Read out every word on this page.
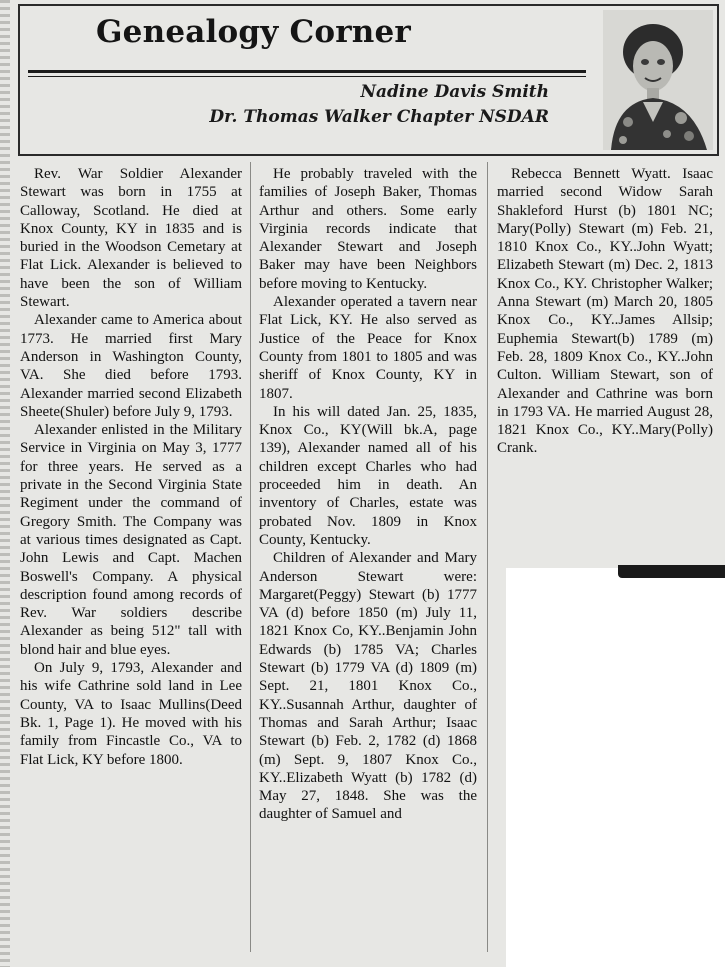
Genealogy Corner
Nadine Davis Smith
Dr. Thomas Walker Chapter NSDAR

Rev. War Soldier Alexander Stewart was born in 1755 at Calloway, Scotland. He died at Knox County, KY in 1835 and is buried in the Woodson Cemetary at Flat Lick. Alexander is believed to have been the son of William Stewart.

Alexander came to America about 1773. He married first Mary Anderson in Washington County, VA. She died before 1793. Alexander married second Elizabeth Sheete(Shuler) before July 9, 1793.

Alexander enlisted in the Military Service in Virginia on May 3, 1777 for three years. He served as a private in the Second Virginia State Regiment under the command of Gregory Smith. The Company was at various times designated as Capt. John Lewis and Capt. Machen Boswell's Company. A physical description found among records of Rev. War soldiers describe Alexander as being 512" tall with blond hair and blue eyes.

On July 9, 1793, Alexander and his wife Cathrine sold land in Lee County, VA to Isaac Mullins(Deed Bk. 1, Page 1). He moved with his family from Fincastle Co., VA to Flat Lick, KY before 1800.

He probably traveled with the families of Joseph Baker, Thomas Arthur and others. Some early Virginia records indicate that Alexander Stewart and Joseph Baker may have been Neighbors before moving to Kentucky.

Alexander operated a tavern near Flat Lick, KY. He also served as Justice of the Peace for Knox County from 1801 to 1805 and was sheriff of Knox County, KY in 1807.

In his will dated Jan. 25, 1835, Knox Co., KY(Will bk.A, page 139), Alexander named all of his children except Charles who had proceeded him in death. An inventory of Charles, estate was probated Nov. 1809 in Knox County, Kentucky.

Children of Alexander and Mary Anderson Stewart were: Margaret(Peggy) Stewart (b) 1777 VA (d) before 1850 (m) July 11, 1821 Knox Co, KY..Benjamin John Edwards (b) 1785 VA; Charles Stewart (b) 1779 VA (d) 1809 (m) Sept. 21, 1801 Knox Co., KY..Susannah Arthur, daughter of Thomas and Sarah Arthur; Isaac Stewart (b) Feb. 2, 1782 (d) 1868 (m) Sept. 9, 1807 Knox Co., KY..Elizabeth Wyatt (b) 1782 (d) May 27, 1848. She was the daughter of Samuel and

Rebecca Bennett Wyatt. Isaac married second Widow Sarah Shakleford Hurst (b) 1801 NC; Mary(Polly) Stewart (m) Feb. 21, 1810 Knox Co., KY..John Wyatt; Elizabeth Stewart (m) Dec. 2, 1813 Knox Co., KY. Christopher Walker; Anna Stewart (m) March 20, 1805 Knox Co., KY..James Allsip; Euphemia Stewart(b) 1789 (m) Feb. 28, 1809 Knox Co., KY..John Culton. William Stewart, son of Alexander and Cathrine was born in 1793 VA. He married August 28, 1821 Knox Co., KY..Mary(Polly) Crank.
